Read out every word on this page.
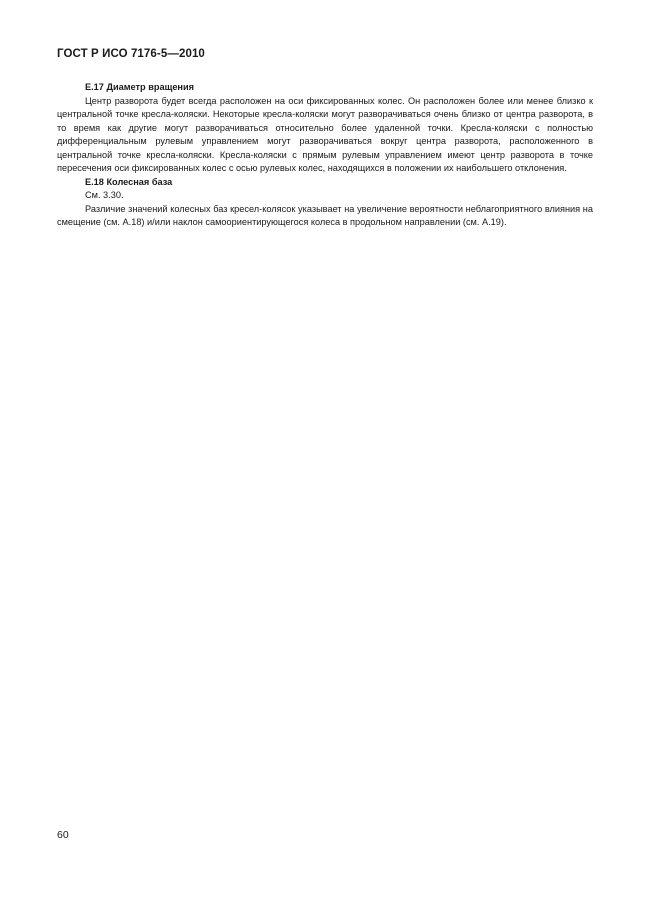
ГОСТ Р ИСО 7176-5—2010

E.17 Диаметр вращения

Центр разворота будет всегда расположен на оси фиксированных колес. Он расположен более или менее близко к центральной точке кресла-коляски. Некоторые кресла-коляски могут разворачиваться очень близко от центра разворота, в то время как другие могут разворачиваться относительно более удаленной точки. Кресла-коляски с полностью дифференциальным рулевым управлением могут разворачиваться вокруг центра разворота, расположенного в центральной точке кресла-коляски. Кресла-коляски с прямым рулевым управлением имеют центр разворота в точке пересечения оси фиксированных колес с осью рулевых колес, находящихся в положении их наибольшего отклонения.

E.18 Колесная база

См. 3.30.

Различие значений колесных баз кресел-колясок указывает на увеличение вероятности неблагоприятного влияния на смещение (см. А.18) и/или наклон самоориентирующегося колеса в продольном направлении (см. А.19).

60
